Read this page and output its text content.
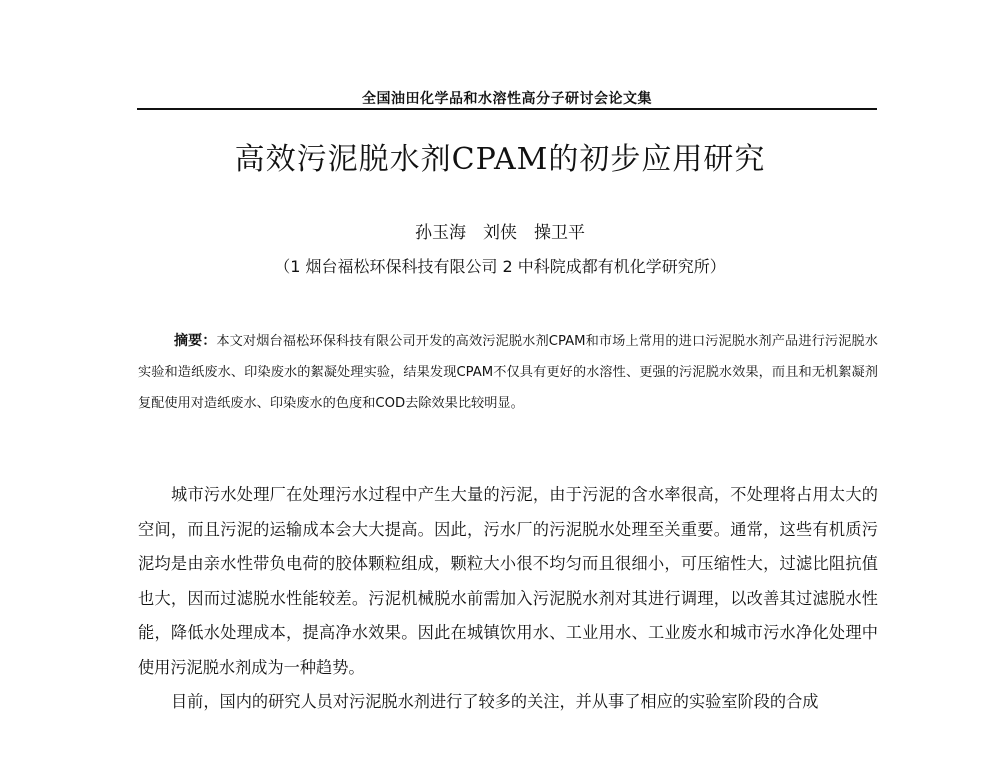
全国油田化学品和水溶性高分子研讨会论文集
高效污泥脱水剂CPAM的初步应用研究
孙玉海　刘侠　操卫平
（1 烟台福松环保科技有限公司 2 中科院成都有机化学研究所）
摘要：本文对烟台福松环保科技有限公司开发的高效污泥脱水剂CPAM和市场上常用的进口污泥脱水剂产品进行污泥脱水实验和造纸废水、印染废水的絮凝处理实验，结果发现CPAM不仅具有更好的水溶性、更强的污泥脱水效果，而且和无机絮凝剂复配使用对造纸废水、印染废水的色度和COD去除效果比较明显。

城市污水处理厂在处理污水过程中产生大量的污泥，由于污泥的含水率很高，不处理将占用太大的空间，而且污泥的运输成本会大大提高。因此，污水厂的污泥脱水处理至关重要。通常，这些有机质污泥均是由亲水性带负电荷的胶体颗粒组成，颗粒大小很不均匀而且很细小，可压缩性大，过滤比阻抗值也大，因而过滤脱水性能较差。污泥机械脱水前需加入污泥脱水剂对其进行调理，以改善其过滤脱水性能，降低水处理成本，提高净水效果。因此在城镇饮用水、工业用水、工业废水和城市污水净化处理中使用污泥脱水剂成为一种趋势。

目前，国内的研究人员对污泥脱水剂进行了较多的关注，并从事了相应的实验室阶段的合成
